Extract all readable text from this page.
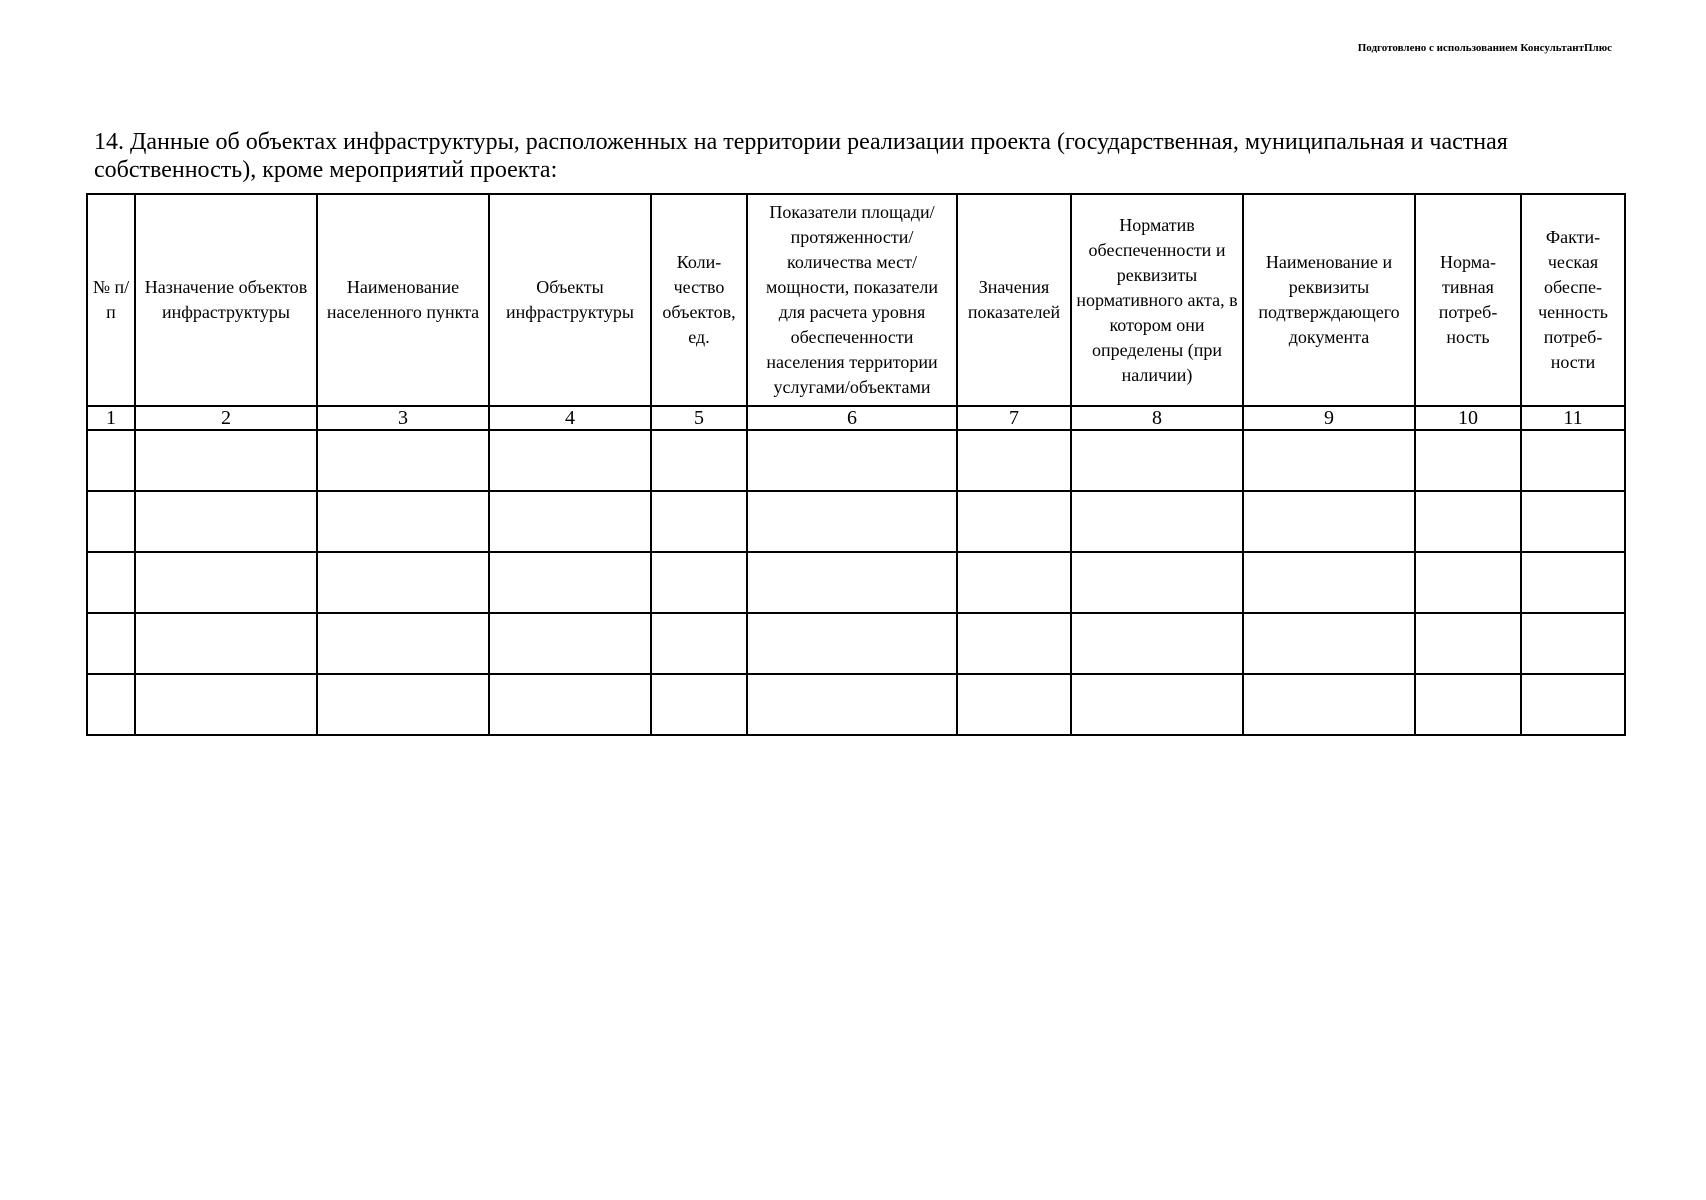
Подготовлено с использованием КонсультантПлюс
14. Данные об объектах инфраструктуры, расположенных на территории реализации проекта (государственная, муниципальная и частная собственность), кроме мероприятий проекта:
№ п/п	Назначение объектов инфраструктуры	Наименование населенного пункта	Объекты инфраструктуры	Коли-чество объектов, ед.	Показатели площади/ протяженности/ количества мест/ мощности, показатели для расчета уровня обеспеченности населения территории услугами/объектами	Значения показателей	Норматив обеспеченности и реквизиты нормативного акта, в котором они определены (при наличии)	Наименование и реквизиты подтверждающего документа	Норма-тивная потреб-ность	Факти-ческая обеспе-ченность потреб-ности
1	2	3	4	5	6	7	8	9	10	11
